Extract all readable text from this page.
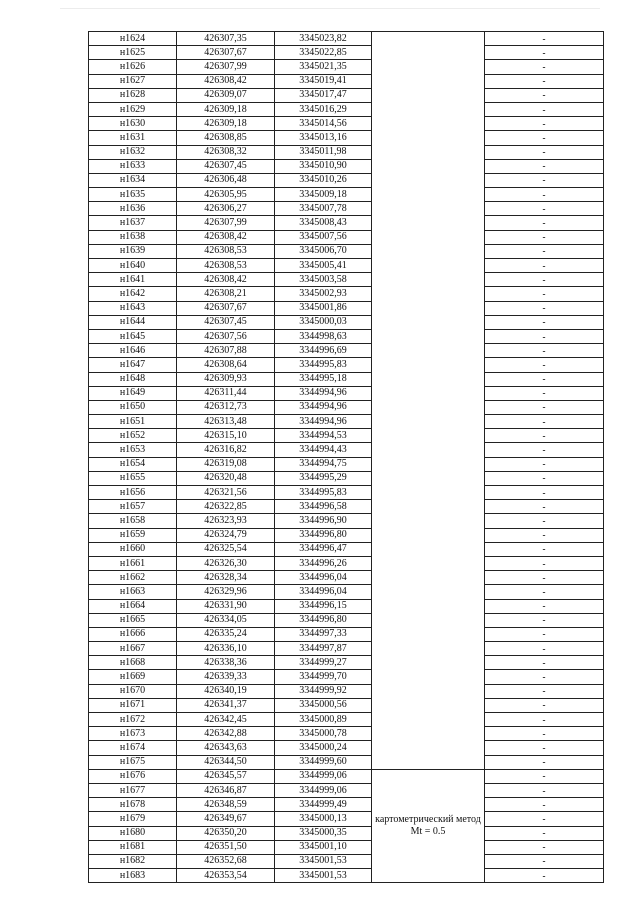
н1624	426307,35	3345023,82		-
н1625	426307,67	3345022,85		-
н1626	426307,99	3345021,35		-
н1627	426308,42	3345019,41		-
н1628	426309,07	3345017,47		-
н1629	426309,18	3345016,29		-
н1630	426309,18	3345014,56		-
н1631	426308,85	3345013,16		-
н1632	426308,32	3345011,98		-
н1633	426307,45	3345010,90		-
н1634	426306,48	3345010,26		-
н1635	426305,95	3345009,18		-
н1636	426306,27	3345007,78		-
н1637	426307,99	3345008,43		-
н1638	426308,42	3345007,56		-
н1639	426308,53	3345006,70		-
н1640	426308,53	3345005,41		-
н1641	426308,42	3345003,58		-
н1642	426308,21	3345002,93		-
н1643	426307,67	3345001,86		-
н1644	426307,45	3345000,03		-
н1645	426307,56	3344998,63		-
н1646	426307,88	3344996,69		-
н1647	426308,64	3344995,83		-
н1648	426309,93	3344995,18		-
н1649	426311,44	3344994,96		-
н1650	426312,73	3344994,96		-
н1651	426313,48	3344994,96		-
н1652	426315,10	3344994,53		-
н1653	426316,82	3344994,43		-
н1654	426319,08	3344994,75		-
н1655	426320,48	3344995,29		-
н1656	426321,56	3344995,83		-
н1657	426322,85	3344996,58		-
н1658	426323,93	3344996,90		-
н1659	426324,79	3344996,80		-
н1660	426325,54	3344996,47		-
н1661	426326,30	3344996,26		-
н1662	426328,34	3344996,04		-
н1663	426329,96	3344996,04		-
н1664	426331,90	3344996,15		-
н1665	426334,05	3344996,80		-
н1666	426335,24	3344997,33		-
н1667	426336,10	3344997,87		-
н1668	426338,36	3344999,27		-
н1669	426339,33	3344999,70		-
н1670	426340,19	3344999,92		-
н1671	426341,37	3345000,56		-
н1672	426342,45	3345000,89		-
н1673	426342,88	3345000,78		-
н1674	426343,63	3345000,24		-
н1675	426344,50	3344999,60		-
н1676	426345,57	3344999,06	картометрический метод Mt = 0.5	-
н1677	426346,87	3344999,06		-
н1678	426348,59	3344999,49		-
н1679	426349,67	3345000,13		-
н1680	426350,20	3345000,35		-
н1681	426351,50	3345001,10		-
н1682	426352,68	3345001,53		-
н1683	426353,54	3345001,53		-
